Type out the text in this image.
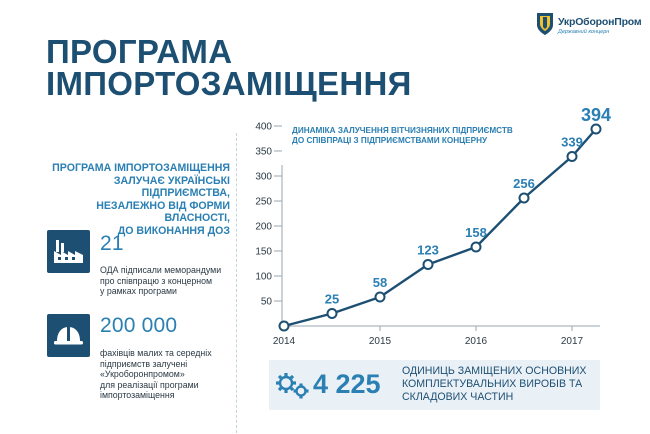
УкрОборонПром
Державний концерн
ПРОГРАМА
ІМПОРТОЗАМІЩЕННЯ
ПРОГРАМА ІМПОРТОЗАМІЩЕННЯ
ЗАЛУЧАЄ УКРАЇНСЬКІ ПІДПРИЄМСТВА,
НЕЗАЛЕЖНО ВІД ФОРМИ ВЛАСНОСТІ,
ДО ВИКОНАННЯ ДОЗ
21
ОДА підписали меморандуми
про співпрацю з концерном
у рамках програми
200 000
фахівців малих та середніх
підприємств залучені
«Укроборонпромом»
для реалізації програми
імпортозаміщення
ДИНАМІКА ЗАЛУЧЕННЯ ВІТЧИЗНЯНИХ ПІДПРИЄМСТВ
ДО СПІВПРАЦІ З ПІДПРИЄМСТВАМИ КОНЦЕРНУ
50
100
150
200
250
300
350
400
2014	2015	2016	2017
25
58
123
158
256
339
394
4 225 ОДИНИЦЬ ЗАМІЩЕНИХ ОСНОВНИХ
КОМПЛЕКТУВАЛЬНИХ ВИРОБІВ ТА
СКЛАДОВИХ ЧАСТИН
